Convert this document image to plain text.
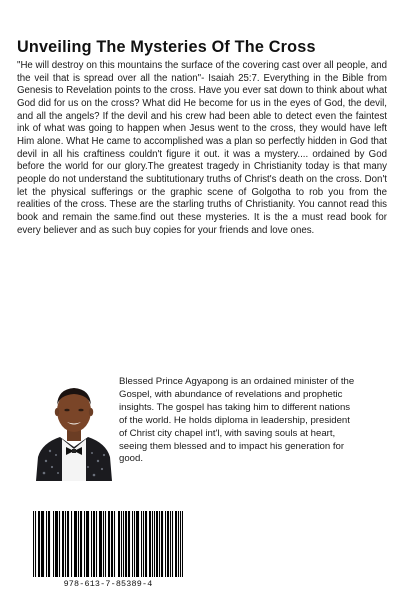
Unveiling The Mysteries Of The Cross
"He will destroy on this mountains the surface of the covering cast over all people, and the veil that is spread over all the nation"- Isaiah 25:7. Everything in the Bible from Genesis to Revelation points to the cross. Have you ever sat down to think about what God did for us on the cross? What did He become for us in the eyes of God, the devil, and all the angels? If the devil and his crew had been able to detect even the faintest ink of what was going to happen when Jesus went to the cross, they would have left Him alone. What He came to accomplished was a plan so perfectly hidden in God that devil in all his craftiness couldn't figure it out. it was a mystery.... ordained by God before the world for our glory.The greatest tragedy in Christianity today is that many people do not understand the subtitutionary truths of Christ's death on the cross. Don't let the physical sufferings or the graphic scene of Golgotha to rob you from the realities of the cross. These are the starling truths of Christianity. You cannot read this book and remain the same.find out these mysteries. It is the a must read book for every believer and as such buy copies for your friends and love ones.
Blessed Prince Agyapong is an ordained minister of the Gospel, with abundance of revelations and prophetic insights. The gospel has taking him to different nations of the world. He holds diploma in leadership, president of Christ city chapel int'l, with saving souls at heart, seeing them blessed and to impact his generation for good.
978-613-7-85389-4
